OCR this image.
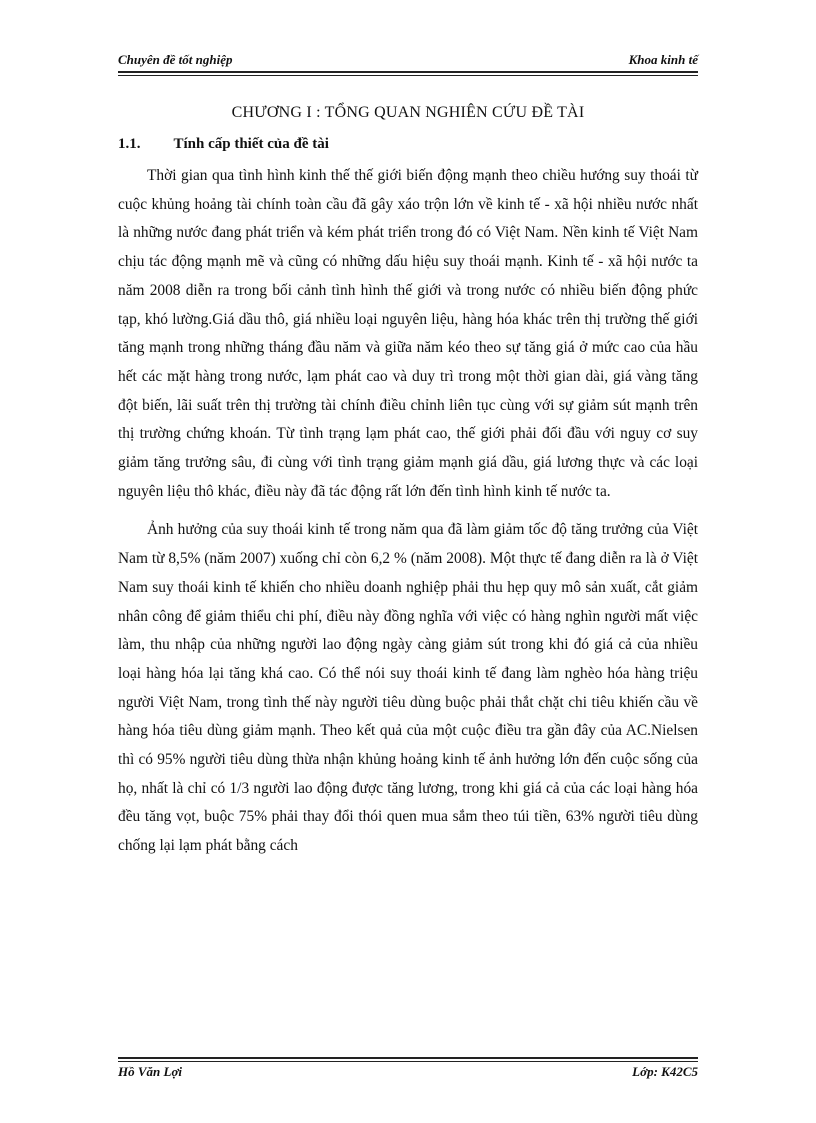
Chuyên đề tốt nghiệp	Khoa kinh tế
CHƯƠNG I : TỔNG QUAN NGHIÊN CỨU ĐỀ TÀI
1.1. Tính cấp thiết của đề tài

Thời gian qua tình hình kinh thế thế giới biến động mạnh theo chiều hướng suy thoái từ cuộc khủng hoảng tài chính toàn cầu đã gây xáo trộn lớn về kinh tế - xã hội nhiều nước nhất là những nước đang phát triển và kém phát triển trong đó có Việt Nam. Nền kinh tế Việt Nam chịu tác động mạnh mẽ và cũng có những dấu hiệu suy thoái mạnh. Kinh tế - xã hội nước ta năm 2008 diễn ra trong bối cảnh tình hình thế giới và trong nước có nhiều biến động phức tạp, khó lường.Giá dầu thô, giá nhiều loại nguyên liệu, hàng hóa khác trên thị trường thế giới tăng mạnh trong những tháng đầu năm và giữa năm kéo theo sự tăng giá ở mức cao của hầu hết các mặt hàng trong nước, lạm phát cao và duy trì trong một thời gian dài, giá vàng tăng đột biến, lãi suất trên thị trường tài chính điều chỉnh liên tục cùng với sự giảm sút mạnh trên thị trường chứng khoán. Từ tình trạng lạm phát cao, thế giới phải đối đầu với nguy cơ suy giảm tăng trưởng sâu, đi cùng với tình trạng giảm mạnh giá dầu, giá lương thực và các loại nguyên liệu thô khác, điều này đã tác động rất lớn đến tình hình kinh tế nước ta.

Ảnh hưởng của suy thoái kinh tế trong năm qua đã làm giảm tốc độ tăng trưởng của Việt Nam từ 8,5% (năm 2007) xuống chỉ còn 6,2 % (năm 2008). Một thực tế đang diễn ra là ở Việt Nam suy thoái kinh tế khiến cho nhiều doanh nghiệp phải thu hẹp quy mô sản xuất, cắt giảm nhân công để giảm thiểu chi phí, điều này đồng nghĩa với việc có hàng nghìn người mất việc làm, thu nhập của những người lao động ngày càng giảm sút trong khi đó giá cả của nhiều loại hàng hóa lại tăng khá cao. Có thể nói suy thoái kinh tế đang làm nghèo hóa hàng triệu người Việt Nam, trong tình thế này người tiêu dùng buộc phải thắt chặt chi tiêu khiến cầu về hàng hóa tiêu dùng giảm mạnh. Theo kết quả của một cuộc điều tra gần đây của AC.Nielsen thì có 95% người tiêu dùng thừa nhận khủng hoảng kinh tế ảnh hưởng lớn đến cuộc sống của họ, nhất là chỉ có 1/3 người lao động được tăng lương, trong khi giá cả của các loại hàng hóa đều tăng vọt, buộc 75% phải thay đổi thói quen mua sắm theo túi tiền, 63% người tiêu dùng chống lại lạm phát bằng cách

Hồ Văn Lợi	Lớp: K42C5
